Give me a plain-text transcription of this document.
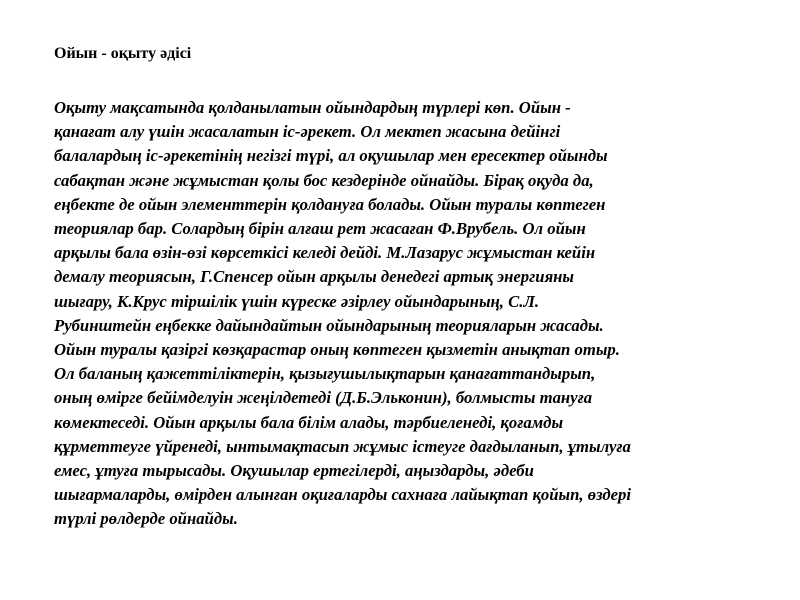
Ойын - оқыту әдісі

Оқыту мақсатында қолданылатын ойындардың түрлері көп. Ойын -
қанағат алу үшін жасалатын іс-әрекет. Ол мектеп жасына дейінгі
балалардың іс-әрекетінің негізгі түрі, ал оқушылар мен ересектер ойынды
сабақтан және жұмыстан қолы бос кездерінде ойнайды. Бірақ оқуда да,
еңбекте де ойын элементтерін қолдануға болады. Ойын туралы көптеген
теориялар бар. Солардың бірін алғаш рет жасаған Ф.Врубель. Ол ойын
арқылы бала өзін-өзі көрсеткісі келеді дейді. М.Лазарус жұмыстан кейін
демалу теориясын, Г.Спенсер ойын арқылы денедегі артық энергияны
шығару, К.Крус тіршілік үшін күреске әзірлеу ойындарының, С.Л.
Рубинштейн еңбекке дайындайтын ойындарының теорияларын жасады.
Ойын туралы қазіргі көзқарастар оның көптеген қызметін анықтап отыр.
Ол баланың қажеттіліктерін, қызығушылықтарын қанағаттандырып,
оның өмірге бейімделуін жеңілдетеді (Д.Б.Эльконин), болмысты тануға
көмектеседі. Ойын арқылы бала білім алады, тәрбиеленеді, қоғамды
құрметтеуге үйренеді, ынтымақтасып жұмыс істеуге дағдыланып, ұтылуға
емес, ұтуға тырысады. Оқушылар ертегілерді, аңыздарды, әдеби
шығармаларды, өмірден алынған оқиғаларды сахнаға лайықтап қойып, өздері
түрлі рөлдерде ойнайды.
